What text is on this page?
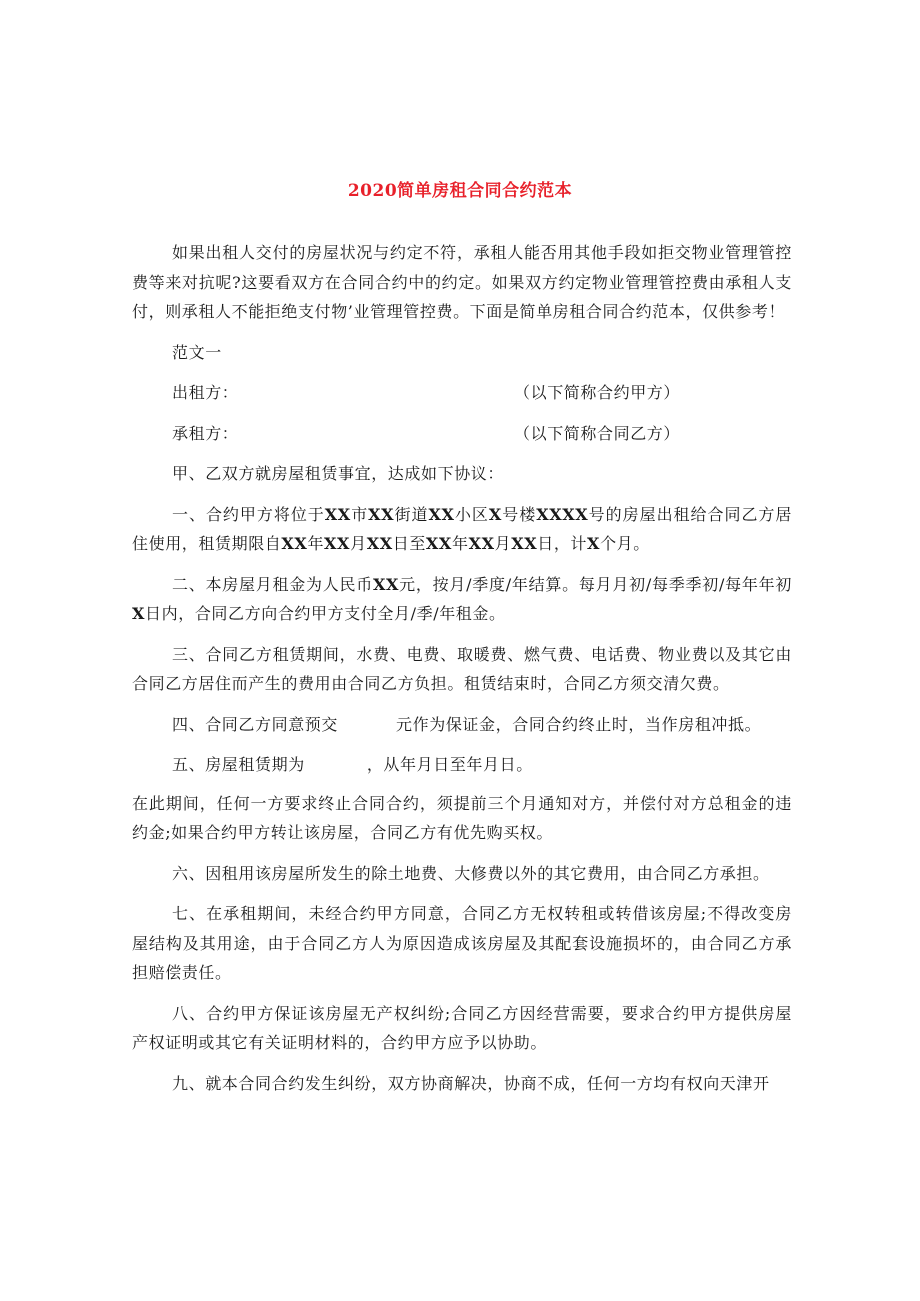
2020简单房租合同合约范本

如果出租人交付的房屋状况与约定不符，承租人能否用其他手段如拒交物业管理管控费等来对抗呢?这要看双方在合同合约中的约定。如果双方约定物业管理管控费由承租人支付，则承租人不能拒绝支付物’业管理管控费。下面是简单房租合同合约范本，仅供参考！

范文一

出租方：	（以下简称合约甲方）
承租方：	（以下简称合同乙方）

甲、乙双方就房屋租赁事宜，达成如下协议：

一、合约甲方将位于XX市XX街道XX小区X号楼XXXX号的房屋出租给合同乙方居住使用，租赁期限自XX年XX月XX日至XX年XX月XX日，计X个月。

二、本房屋月租金为人民币XX元，按月/季度/年结算。每月月初/每季季初/每年年初X日内，合同乙方向合约甲方支付全月/季/年租金。

三、合同乙方租赁期间，水费、电费、取暖费、燃气费、电话费、物业费以及其它由合同乙方居住而产生的费用由合同乙方负担。租赁结束时，合同乙方须交清欠费。

四、合同乙方同意预交	元作为保证金，合同合约终止时，当作房租冲抵。

五、房屋租赁期为	，从年月日至年月日。

在此期间，任何一方要求终止合同合约，须提前三个月通知对方，并偿付对方总租金的违约金;如果合约甲方转让该房屋，合同乙方有优先购买权。

六、因租用该房屋所发生的除土地费、大修费以外的其它费用，由合同乙方承担。

七、在承租期间，未经合约甲方同意，合同乙方无权转租或转借该房屋;不得改变房屋结构及其用途，由于合同乙方人为原因造成该房屋及其配套设施损坏的，由合同乙方承担赔偿责任。

八、合约甲方保证该房屋无产权纠纷;合同乙方因经营需要，要求合约甲方提供房屋产权证明或其它有关证明材料的，合约甲方应予以协助。

九、就本合同合约发生纠纷，双方协商解决，协商不成，任何一方均有权向天津开
